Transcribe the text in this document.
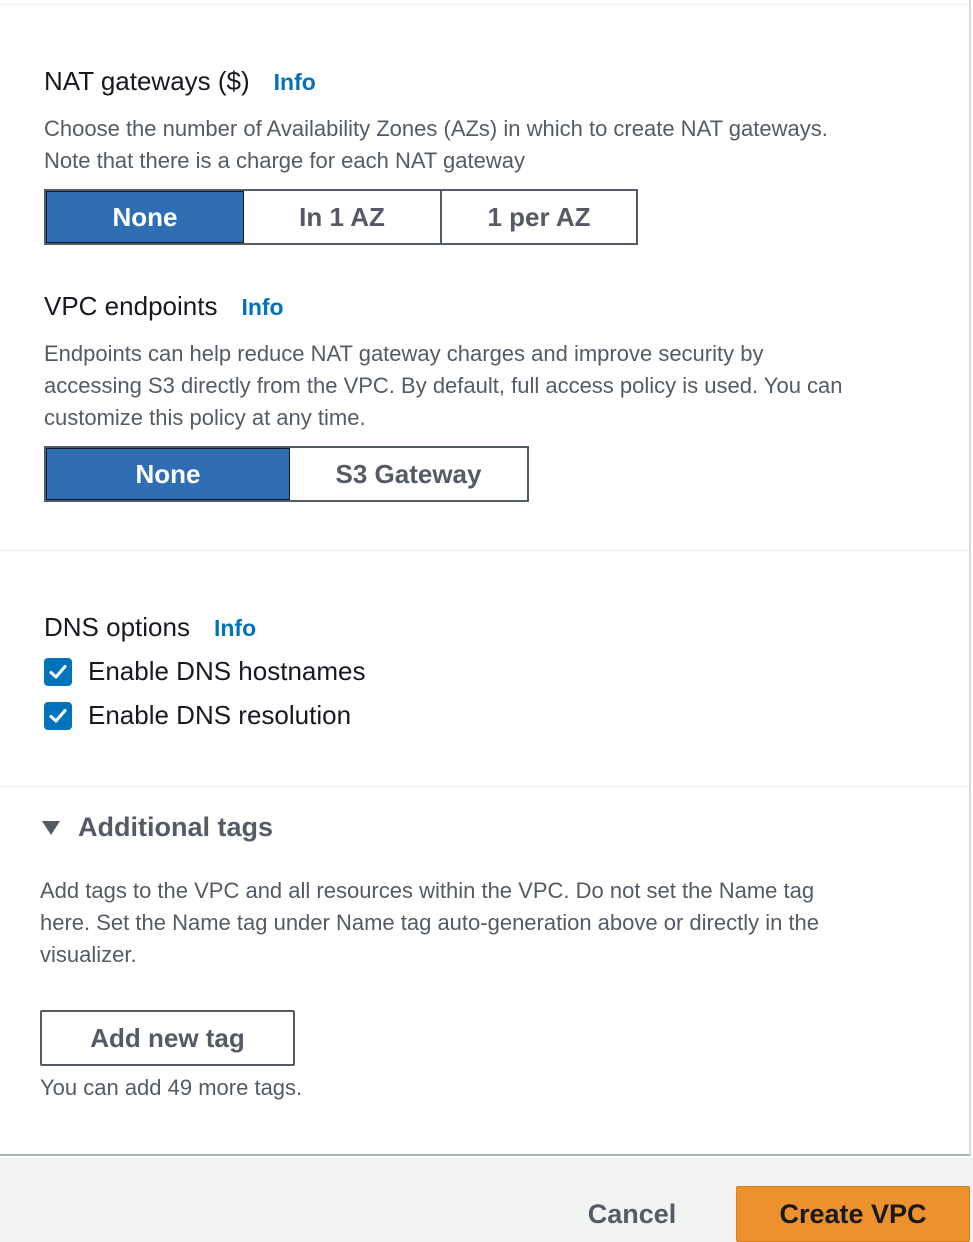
NAT gateways ($) Info
Choose the number of Availability Zones (AZs) in which to create NAT gateways.
Note that there is a charge for each NAT gateway
None	In 1 AZ	1 per AZ
VPC endpoints Info
Endpoints can help reduce NAT gateway charges and improve security by
accessing S3 directly from the VPC. By default, full access policy is used. You can
customize this policy at any time.
None	S3 Gateway
DNS options Info
Enable DNS hostnames
Enable DNS resolution
Additional tags
Add tags to the VPC and all resources within the VPC. Do not set the Name tag
here. Set the Name tag under Name tag auto-generation above or directly in the
visualizer.
Add new tag
You can add 49 more tags.
Cancel	Create VPC
